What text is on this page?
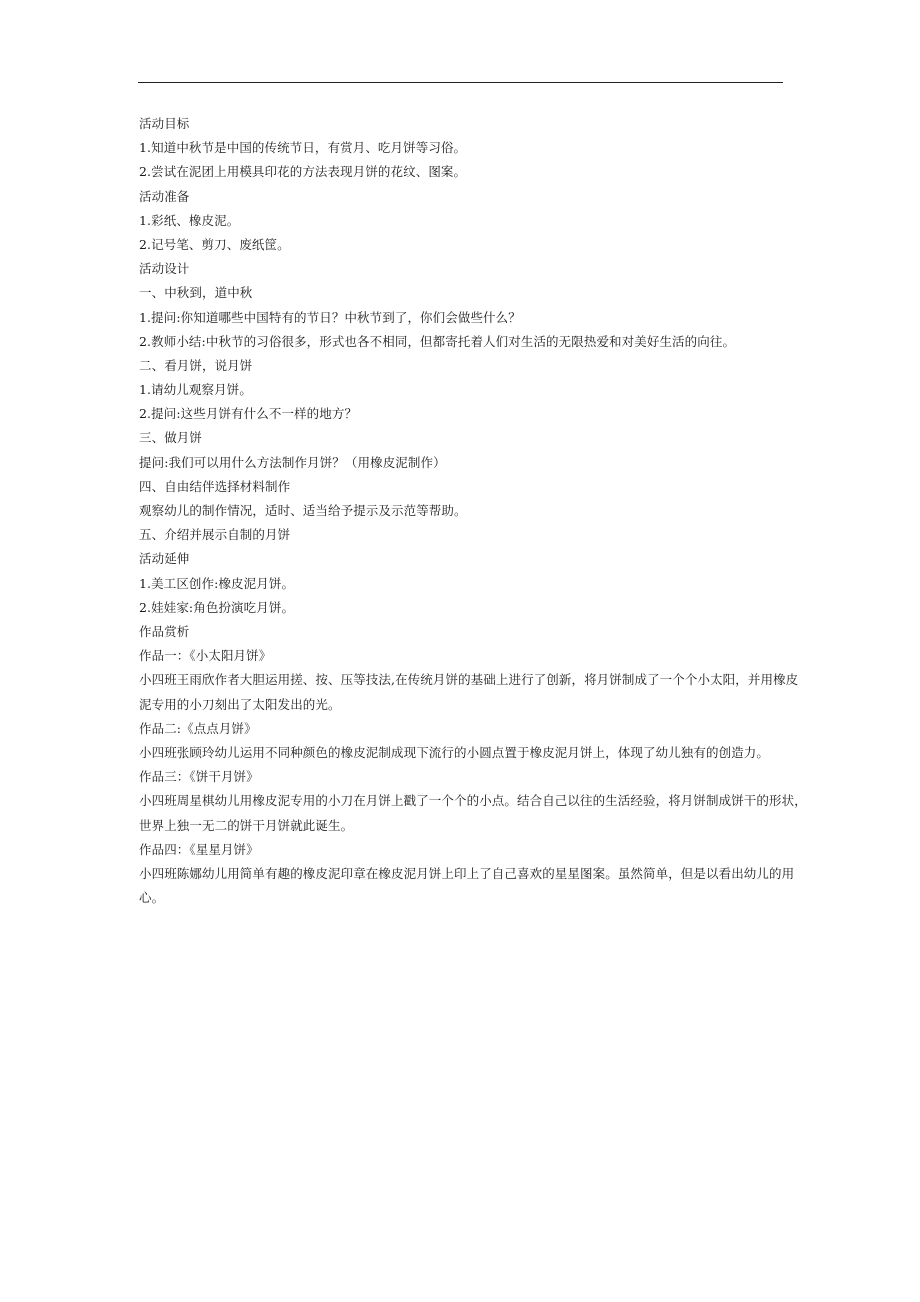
活动目标
1.知道中秋节是中国的传统节日，有赏月、吃月饼等习俗。
2.尝试在泥团上用模具印花的方法表现月饼的花纹、图案。
活动准备
1.彩纸、橡皮泥。
2.记号笔、剪刀、废纸筐。
活动设计
一、中秋到，道中秋
1.提问:你知道哪些中国特有的节日？中秋节到了，你们会做些什么？
2.教师小结:中秋节的习俗很多，形式也各不相同，但都寄托着人们对生活的无限热爱和对美好生活的向往。
二、看月饼，说月饼
1.请幼儿观察月饼。
2.提问:这些月饼有什么不一样的地方？
三、做月饼
提问:我们可以用什么方法制作月饼？（用橡皮泥制作）
四、自由结伴选择材料制作
观察幼儿的制作情况，适时、适当给予提示及示范等帮助。
五、介绍并展示自制的月饼
活动延伸
1.美工区创作:橡皮泥月饼。
2.娃娃家:角色扮演吃月饼。
作品赏析
作品一：《小太阳月饼》
小四班王雨欣作者大胆运用搓、按、压等技法,在传统月饼的基础上进行了创新，将月饼制成了一个个小太阳，并用橡皮
泥专用的小刀刻出了太阳发出的光。
作品二:《点点月饼》
小四班张顾玲幼儿运用不同种颜色的橡皮泥制成现下流行的小圆点置于橡皮泥月饼上，体现了幼儿独有的创造力。
作品三：《饼干月饼》
小四班周星棋幼儿用橡皮泥专用的小刀在月饼上戳了一个个的小点。结合自己以往的生活经验，将月饼制成饼干的形状，
世界上独一无二的饼干月饼就此诞生。
作品四：《星星月饼》
小四班陈娜幼儿用简单有趣的橡皮泥印章在橡皮泥月饼上印上了自己喜欢的星星图案。虽然简单，但是以看出幼儿的用
心。
